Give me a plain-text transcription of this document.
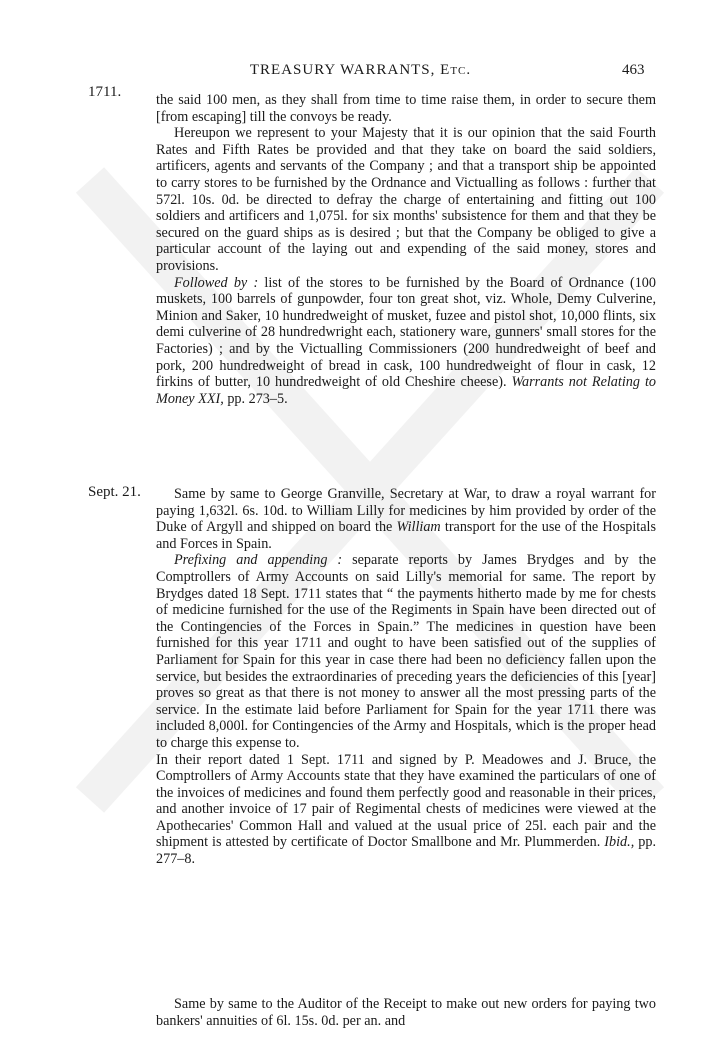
TREASURY WARRANTS, Etc.	463
1711. the said 100 men, as they shall from time to time raise them, in order to secure them [from escaping] till the convoys be ready.

Hereupon we represent to your Majesty that it is our opinion that the said Fourth Rates and Fifth Rates be provided and that they take on board the said soldiers, artificers, agents and servants of the Company ; and that a transport ship be appointed to carry stores to be furnished by the Ordnance and Victualling as follows : further that 572l. 10s. 0d. be directed to defray the charge of entertaining and fitting out 100 soldiers and artificers and 1,075l. for six months' subsistence for them and that they be secured on the guard ships as is desired ; but that the Company be obliged to give a particular account of the laying out and expending of the said money, stores and provisions.

Followed by : list of the stores to be furnished by the Board of Ordnance (100 muskets, 100 barrels of gunpowder, four ton great shot, viz. Whole, Demy Culverine, Minion and Saker, 10 hundredweight of musket, fuzee and pistol shot, 10,000 flints, six demi culverine of 28 hundredwright each, stationery ware, gunners' small stores for the Factories) ; and by the Victualling Commissioners (200 hundredweight of beef and pork, 200 hundredweight of bread in cask, 100 hundredweight of flour in cask, 12 firkins of butter, 10 hundredweight of old Cheshire cheese). Warrants not Relating to Money XXI, pp. 273–5.

Sept. 21.	Same by same to George Granville, Secretary at War, to draw a royal warrant for paying 1,632l. 6s. 10d. to William Lilly for medicines by him provided by order of the Duke of Argyll and shipped on board the William transport for the use of the Hospitals and Forces in Spain.

Prefixing and appending : separate reports by James Brydges and by the Comptrollers of Army Accounts on said Lilly's memorial for same. The report by Brydges dated 18 Sept. 1711 states that “ the payments hitherto made by me for chests of medicine furnished for the use of the Regiments in Spain have been directed out of the Contingencies of the Forces in Spain.” The medicines in question have been furnished for this year 1711 and ought to have been satisfied out of the supplies of Parliament for Spain for this year in case there had been no deficiency fallen upon the service, but besides the extraordinaries of preceding years the deficiencies of this [year] proves so great as that there is not money to answer all the most pressing parts of the service. In the estimate laid before Parliament for Spain for the year 1711 there was included 8,000l. for Contingencies of the Army and Hospitals, which is the proper head to charge this expense to.

In their report dated 1 Sept. 1711 and signed by P. Meadowes and J. Bruce, the Comptrollers of Army Accounts state that they have examined the particulars of one of the invoices of medicines and found them perfectly good and reasonable in their prices, and another invoice of 17 pair of Regimental chests of medicines were viewed at the Apothecaries' Common Hall and valued at the usual price of 25l. each pair and the shipment is attested by certificate of Doctor Smallbone and Mr. Plummerden. Ibid., pp. 277–8.

Same by same to the Auditor of the Receipt to make out new orders for paying two bankers' annuities of 6l. 15s. 0d. per an. and
